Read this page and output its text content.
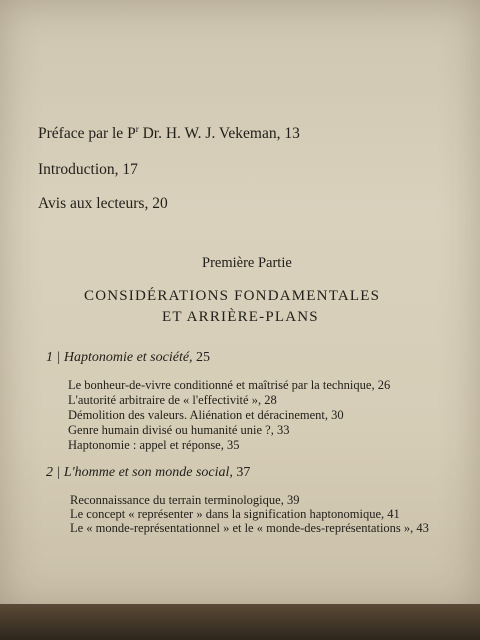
Préface par le $P^r$ Dr. H. W. J. Vekeman, 13
Introduction, 17
Avis aux lecteurs, 20
Première Partie
CONSIDÉRATIONS FONDAMENTALES
ET ARRIÈRE-PLANS
1 | Haptonomie et société, 25
Le bonheur-de-vivre conditionné et maîtrisé par la technique, 26
L'autorité arbitraire de « l'effectivité », 28
Démolition des valeurs. Aliénation et déracinement, 30
Genre humain divisé ou humanité unie ?, 33
Haptonomie : appel et réponse, 35
2 | L'homme et son monde social, 37
Reconnaissance du terrain terminologique, 39
Le concept « représenter » dans la signification haptonomique, 41
Le « monde-représentationnel » et le « monde-des-représentations », 43
